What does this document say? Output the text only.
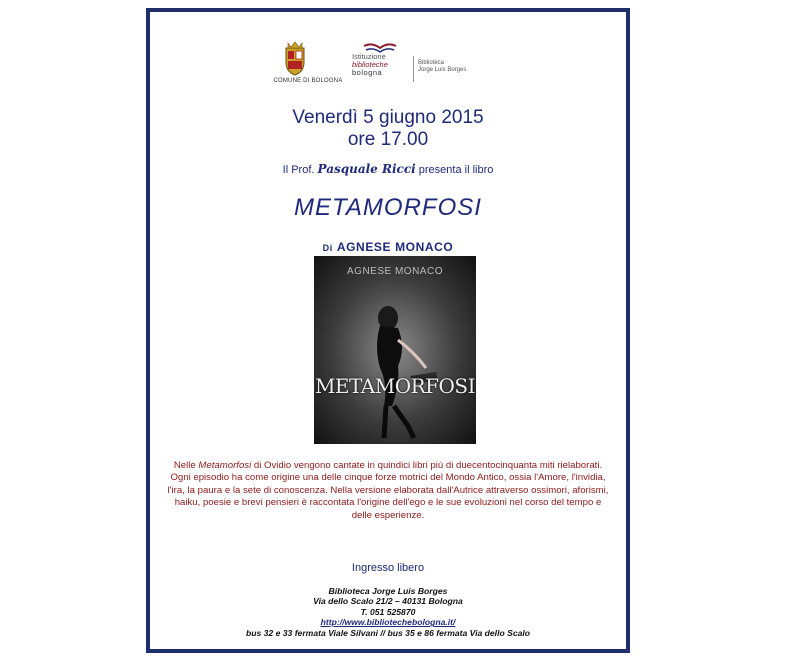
COMUNE DI BOLOGNA
Istituzione
biblioteche
bologna
Biblioteca
Jorge Luis Borges
Venerdì 5 giugno 2015
ore 17.00
Il Prof. Pasquale Ricci presenta il libro
METAMORFOSI
Di AGNESE MONACO
AGNESE MONACO
METAMORFOSI
Nelle Metamorfosi di Ovidio vengono cantate in quindici libri più di duecentocinquanta miti rielaborati. Ogni episodio ha come origine una delle cinque forze motrici del Mondo Antico, ossia l'Amore, l'invidia, l'ira, la paura e la sete di conoscenza. Nella versione elaborata dall'Autrice attraverso ossimori, aforismi, haiku, poesie e brevi pensieri è raccontata l'origine dell'ego e le sue evoluzioni nel corso del tempo e delle esperienze.
Ingresso libero
Biblioteca Jorge Luis Borges
Via dello Scalo 21/2 – 40131 Bologna
T. 051 525870
http://www.bibliotechebologna.it/
bus 32 e 33 fermata Viale Silvani // bus 35 e 86 fermata Via dello Scalo
